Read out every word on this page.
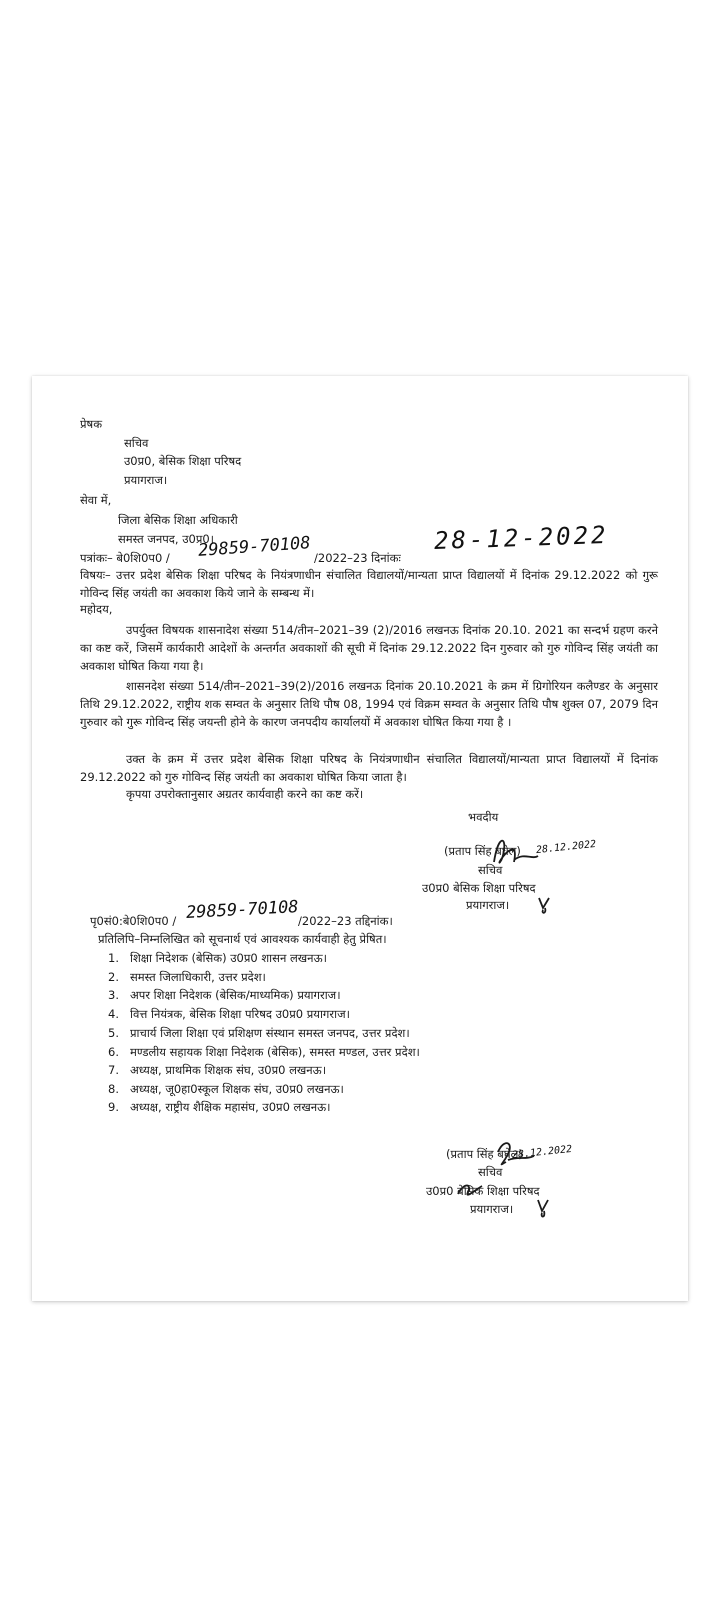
प्रेषक
सचिव
उ0प्र0, बेसिक शिक्षा परिषद
प्रयागराज।
सेवा में,
जिला बेसिक शिक्षा अधिकारी
समस्त जनपद, उ0प्र0।
पत्रांकः– बे0शि0प0 / 29859-70108 /2022–23 दिनांकः
28-12-2022
विषयः– उत्तर प्रदेश बेसिक शिक्षा परिषद के नियंत्रणाधीन संचालित विद्यालयों/मान्यता प्राप्त विद्यालयों में दिनांक 29.12.2022 को गुरू गोविन्द सिंह जयंती का अवकाश किये जाने के सम्बन्ध में।
महोदय,
उपर्युक्त विषयक शासनादेश संख्या 514/तीन–2021–39 (2)/2016 लखनऊ दिनांक 20.10. 2021 का सन्दर्भ ग्रहण करने का कष्ट करें, जिसमें कार्यकारी आदेशों के अन्तर्गत अवकाशों की सूची में दिनांक 29.12.2022 दिन गुरुवार को गुरु गोविन्द सिंह जयंती का अवकाश घोषित किया गया है।
शासनदेश संख्या 514/तीन–2021–39(2)/2016 लखनऊ दिनांक 20.10.2021 के क्रम में ग्रिगोरियन कलैण्डर के अनुसार तिथि 29.12.2022, राष्ट्रीय शक सम्वत के अनुसार तिथि पौष 08, 1994 एवं विक्रम सम्वत के अनुसार तिथि पौष शुक्ल 07, 2079 दिन गुरुवार को गुरू गोविन्द सिंह जयन्ती होने के कारण जनपदीय कार्यालयों में अवकाश घोषित किया गया है ।
उक्त के क्रम में उत्तर प्रदेश बेसिक शिक्षा परिषद के नियंत्रणाधीन संचालित विद्यालयों/मान्यता प्राप्त विद्यालयों में दिनांक 29.12.2022 को गुरु गोविन्द सिंह जयंती का अवकाश घोषित किया जाता है।
कृपया उपरोक्तानुसार अग्रतर कार्यवाही करने का कष्ट करें।
भवदीय
(प्रताप सिंह बघेल)
सचिव
उ0प्र0 बेसिक शिक्षा परिषद
प्रयागराज।
28.12.2022
पृ0सं0:बे0शि0प0 / 29859-70108
/2022–23 तद्दिनांक।
प्रतिलिपि–निम्नलिखित को सूचनार्थ एवं आवश्यक कार्यवाही हेतु प्रेषित।
1. शिक्षा निदेशक (बेसिक) उ0प्र0 शासन लखनऊ।
2. समस्त जिलाधिकारी, उत्तर प्रदेश।
3. अपर शिक्षा निदेशक (बेसिक/माध्यमिक) प्रयागराज।
4. वित्त नियंत्रक, बेसिक शिक्षा परिषद उ0प्र0 प्रयागराज।
5. प्राचार्य जिला शिक्षा एवं प्रशिक्षण संस्थान समस्त जनपद, उत्तर प्रदेश।
6. मण्डलीय सहायक शिक्षा निदेशक (बेसिक), समस्त मण्डल, उत्तर प्रदेश।
7. अध्यक्ष, प्राथमिक शिक्षक संघ, उ0प्र0 लखनऊ।
8. अध्यक्ष, जू0हा0स्कूल शिक्षक संघ, उ0प्र0 लखनऊ।
9. अध्यक्ष, राष्ट्रीय शैक्षिक महासंघ, उ0प्र0 लखनऊ।
(प्रताप सिंह बघेल)
सचिव
उ0प्र0 बेसिक शिक्षा परिषद
प्रयागराज।
28.12.2022
